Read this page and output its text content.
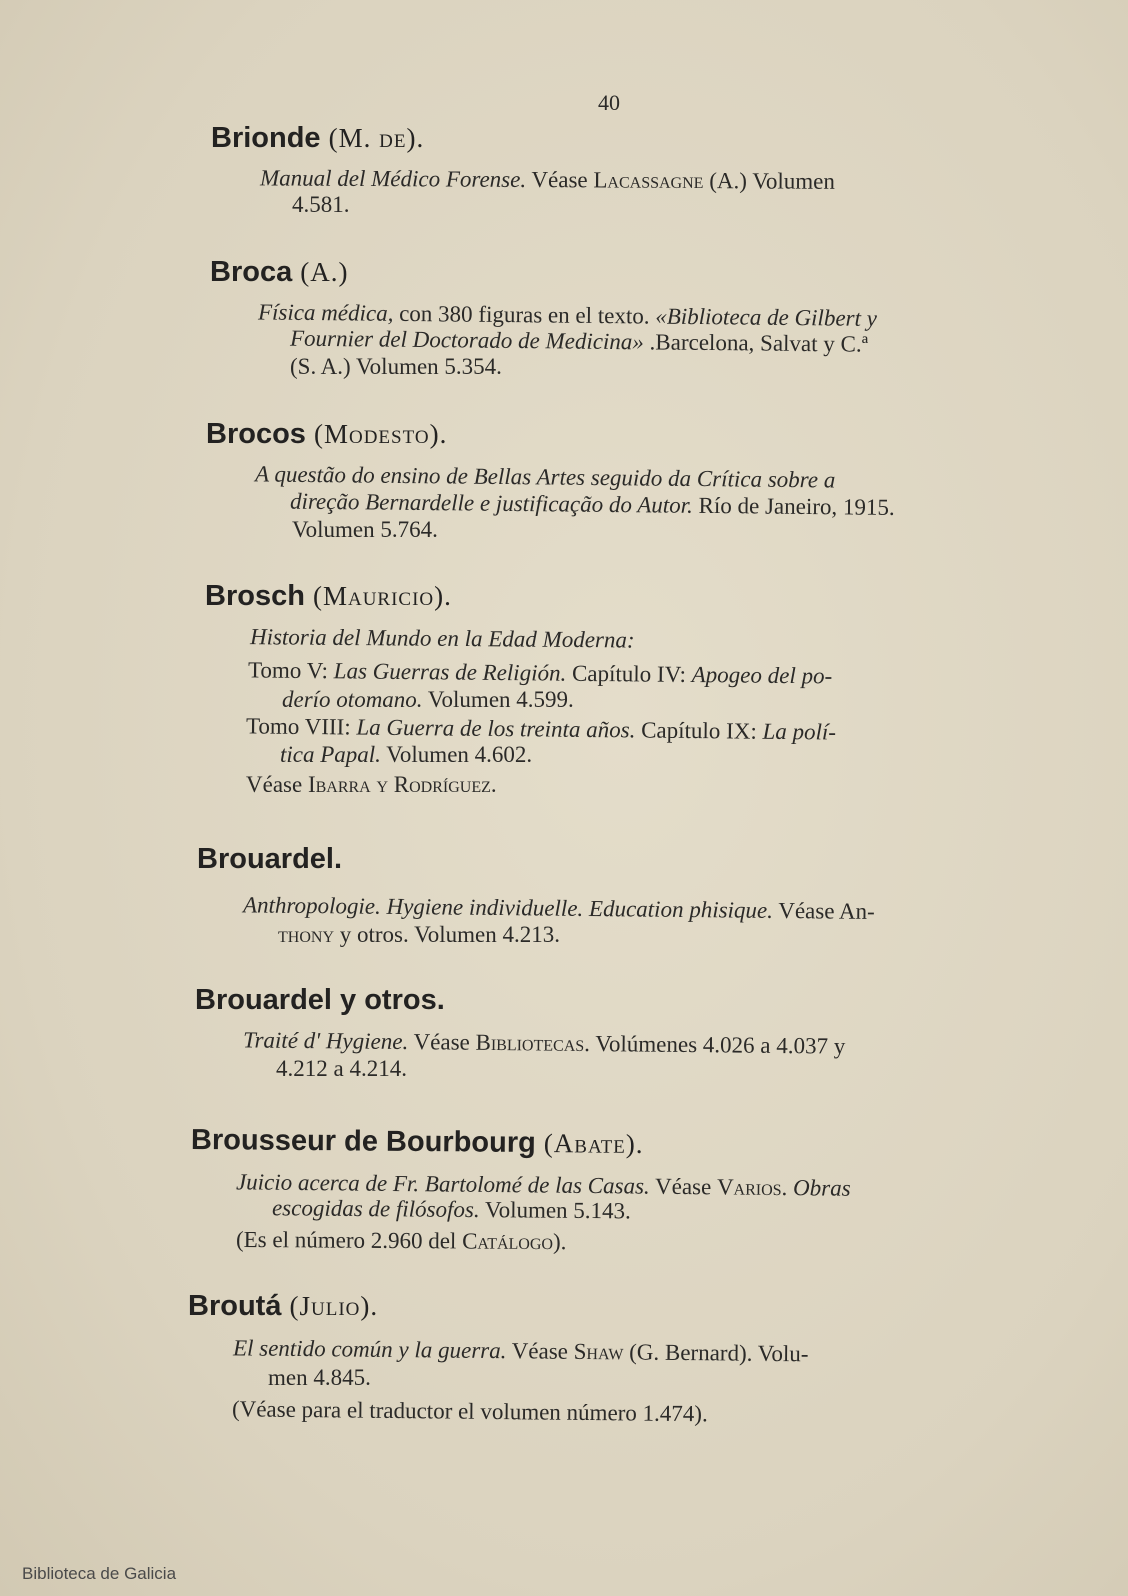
40
Brionde (M. de).
Manual del Médico Forense. Véase Lacassagne (A.) Volumen
4.581.
Broca (A.)
Física médica, con 380 figuras en el texto. «Biblioteca de Gilbert y
Fournier del Doctorado de Medicina» .Barcelona, Salvat y C.ª
(S. A.) Volumen 5.354.
Brocos (Modesto).
A questão do ensino de Bellas Artes seguido da Crítica sobre a
direção Bernardelle e justificação do Autor. Río de Janeiro, 1915.
Volumen 5.764.
Brosch (Mauricio).
Historia del Mundo en la Edad Moderna:
Tomo V: Las Guerras de Religión. Capítulo IV: Apogeo del po-
derío otomano. Volumen 4.599.
Tomo VIII: La Guerra de los treinta años. Capítulo IX: La polí-
tica Papal. Volumen 4.602.
Véase Ibarra y Rodríguez.
Brouardel.
Anthropologie. Hygiene individuelle. Education phisique. Véase An-
thony y otros. Volumen 4.213.
Brouardel y otros.
Traité d' Hygiene. Véase Bibliotecas. Volúmenes 4.026 a 4.037 y
4.212 a 4.214.
Brousseur de Bourbourg (Abate).
Juicio acerca de Fr. Bartolomé de las Casas. Véase Varios. Obras
escogidas de filósofos. Volumen 5.143.
(Es el número 2.960 del Catálogo).
Broutá (Julio).
El sentido común y la guerra. Véase Shaw (G. Bernard). Volu-
men 4.845.
(Véase para el traductor el volumen número 1.474).
Biblioteca de Galicia
